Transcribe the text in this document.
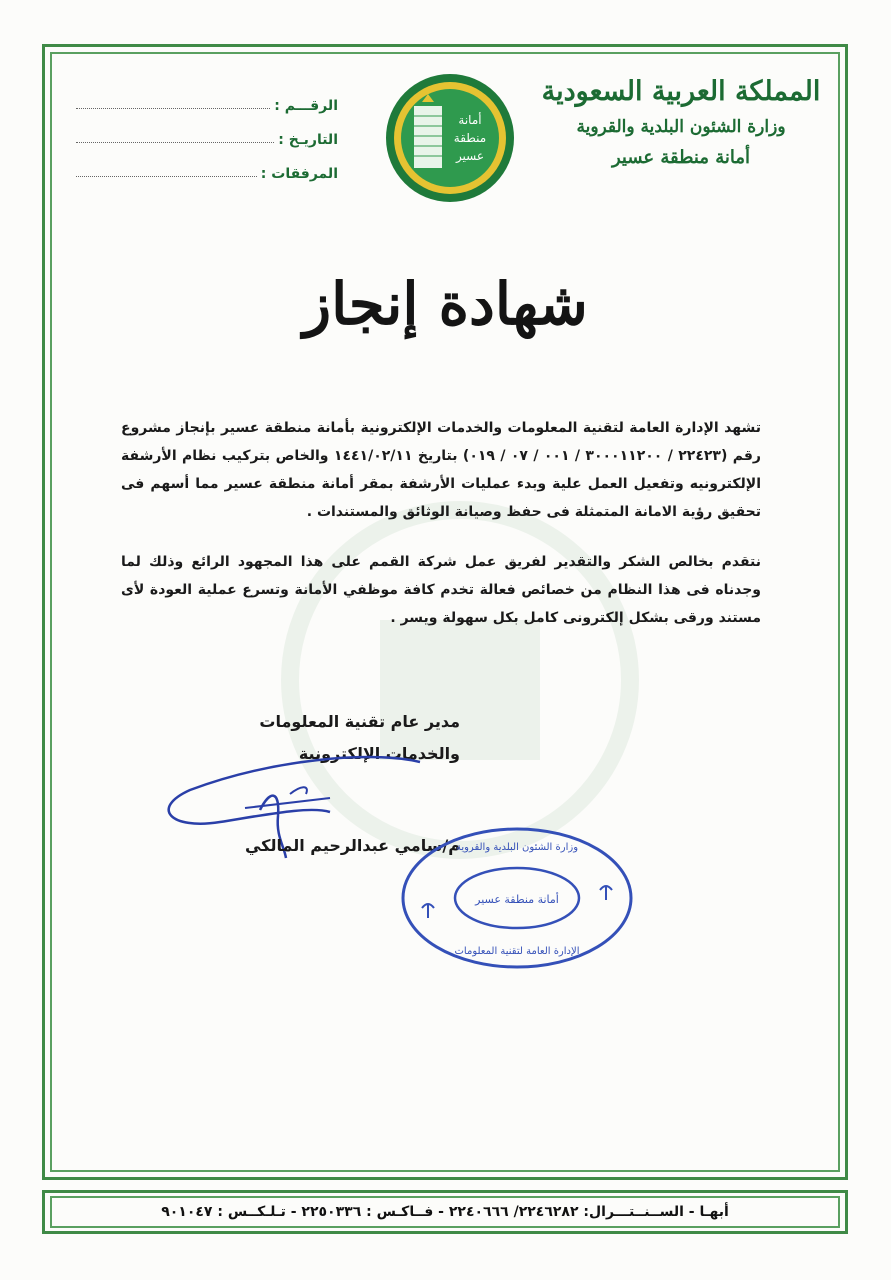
المملكة العربية السعودية
وزارة الشئون البلدية والقروية
أمانة منطقة عسير
أمانة
منطقة
عسير
الرقـــم :
التاريـخ :
المرفقات :
شهادة إنجاز
تشهد الإدارة العامة لتقنية المعلومات والخدمات الإلكترونية بأمانة منطقة عسير بإنجاز مشروع رقم (٢٢٤٢٣ / ٣٠٠٠١١٢٠٠ / ٠٠١ / ٠٧ / ٠١٩) بتاريخ ١٤٤١/٠٢/١١ والخاص بتركيب نظام الأرشفة الإلكترونيه وتفعيل العمل علية وبدء عمليات الأرشفة بمقر أمانة منطقة عسير مما أسهم فى تحقيق رؤية الامانة المتمثلة فى حفظ وصيانة الوثائق والمستندات .
نتقدم بخالص الشكر والتقدير لفريق عمل شركة القمم على هذا المجهود الرائع وذلك لما وجدناه فى هذا النظام من خصائص فعالة تخدم كافة موظفي الأمانة وتسرع عملية العودة لأى مستند ورقى بشكل إلكترونى كامل بكل سهولة ويسر .
مدير عام تقنية المعلومات
والخدمات الإلكترونية
م/سامي عبدالرحيم المالكي
وزارة الشئون البلدية والقروية
أمانة منطقة عسير
الإدارة العامة لتقنية المعلومات
أبهـا - الســنــتـــرال: ٢٢٤٦٢٨٢/ ٢٢٤٠٦٦٦ - فــاكـس : ٢٢٥٠٣٣٦ - تـلـكــس : ٩٠١٠٤٧
